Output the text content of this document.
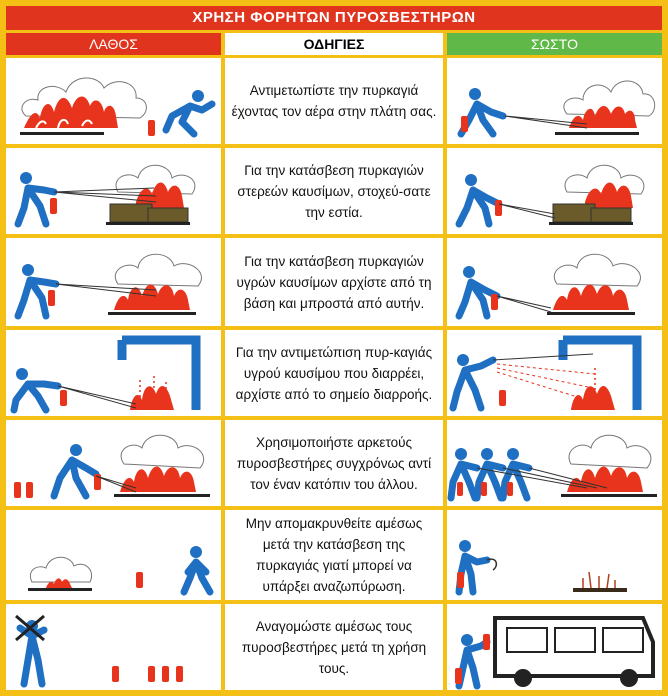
ΧΡΗΣΗ ΦΟΡΗΤΩΝ ΠΥΡΟΣΒΕΣΤΗΡΩΝ
ΛΑΘΟΣ	ΟΔΗΓΙΕΣ	ΣΩΣΤΟ
Αντιμετωπίστε την πυρκαγιά έχοντας τον αέρα στην πλάτη σας.
Για την κατάσβεση πυρκαγιών στερεών καυσίμων, στοχεύ-σατε την εστία.
Για την κατάσβεση πυρκαγιών υγρών καυσίμων αρχίστε από τη βάση και μπροστά από αυτήν.
Για την αντιμετώπιση πυρ-καγιάς υγρού καυσίμου που διαρρέει, αρχίστε από το σημείο διαρροής.
Χρησιμοποιήστε αρκετούς πυροσβεστήρες συγχρόνως αντί τον έναν κατόπιν του άλλου.
Μην απομακρυνθείτε αμέσως μετά την κατάσβεση της πυρκαγιάς γιατί μπορεί να υπάρξει αναζωπύρωση.
Αναγομώστε αμέσως τους πυροσβεστήρες μετά τη χρήση τους.
